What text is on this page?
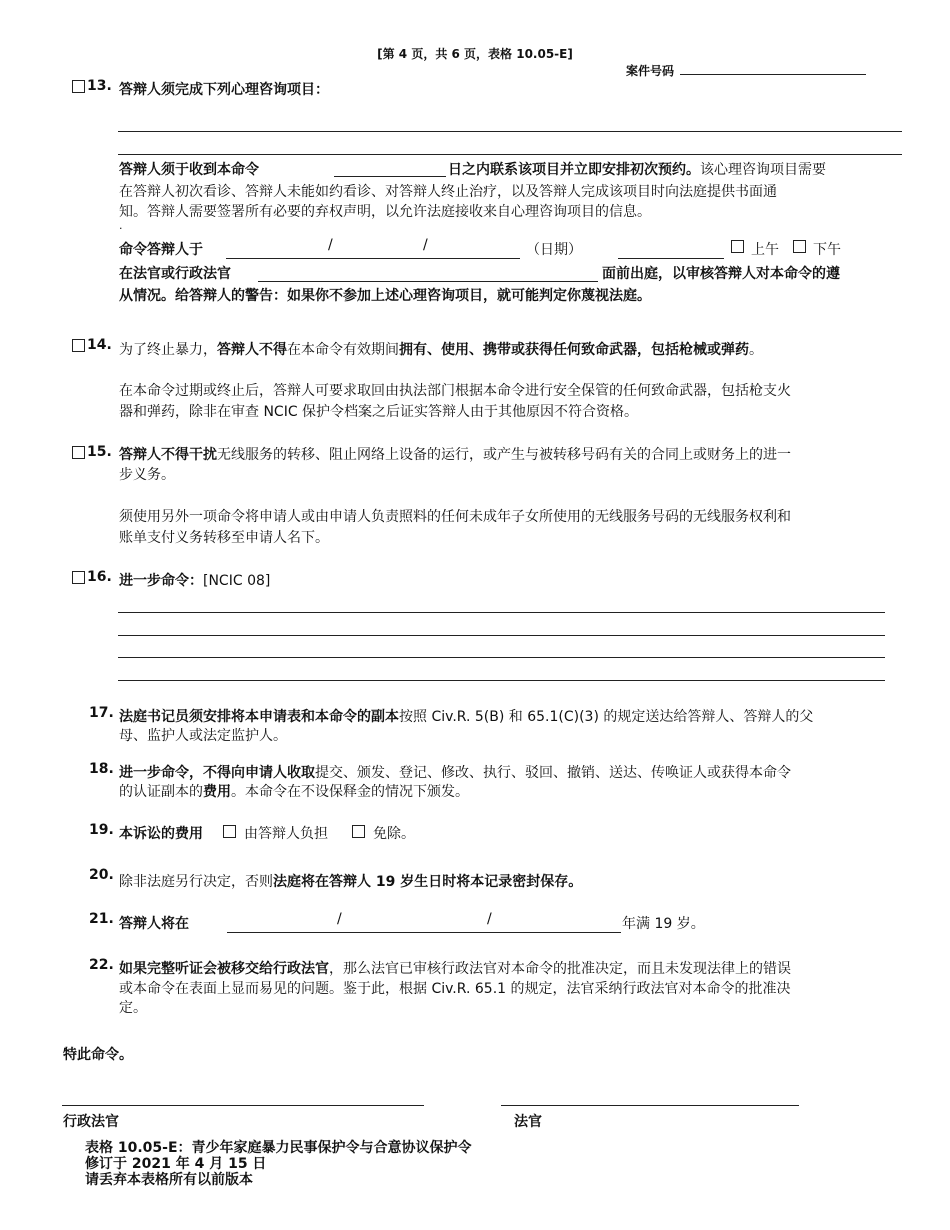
[第 4 页，共 6 页，表格 10.05-E]
案件号码
13. 答辩人须完成下列心理咨询项目：
答辩人须于收到本命令	日之内联系该项目并立即安排初次预约。该心理咨询项目需要
在答辩人初次看诊、答辩人未能如约看诊、对答辩人终止治疗，以及答辩人完成该项目时向法庭提供书面通
知。答辩人需要签署所有必要的弃权声明，以允许法庭接收来自心理咨询项目的信息。
.
命令答辩人于	/	/	（日期）	上午 下午
在法官或行政法官	面前出庭，以审核答辩人对本命令的遵
从情况。给答辩人的警告：如果你不参加上述心理咨询项目，就可能判定你蔑视法庭。
14. 为了终止暴力，答辩人不得在本命令有效期间拥有、使用、携带或获得任何致命武器，包括枪械或弹药。
在本命令过期或终止后，答辩人可要求取回由执法部门根据本命令进行安全保管的任何致命武器，包括枪支火
器和弹药，除非在审查 NCIC 保护令档案之后证实答辩人由于其他原因不符合资格。
15. 答辩人不得干扰无线服务的转移、阻止网络上设备的运行，或产生与被转移号码有关的合同上或财务上的进一
步义务。
须使用另外一项命令将申请人或由申请人负责照料的任何未成年子女所使用的无线服务号码的无线服务权利和
账单支付义务转移至申请人名下。
16. 进一步命令：[NCIC 08]
17. 法庭书记员须安排将本申请表和本命令的副本按照 Civ.R. 5(B) 和 65.1(C)(3) 的规定送达给答辩人、答辩人的父
母、监护人或法定监护人。
18. 进一步命令，不得向申请人收取提交、颁发、登记、修改、执行、驳回、撤销、送达、传唤证人或获得本命令
的认证副本的费用。本命令在不设保释金的情况下颁发。
19. 本诉讼的费用	由答辩人负担	免除。
20. 除非法庭另行决定，否则法庭将在答辩人 19 岁生日时将本记录密封保存。
21. 答辩人将在	/	/	年满 19 岁。
22. 如果完整听证会被移交给行政法官，那么法官已审核行政法官对本命令的批准决定，而且未发现法律上的错误
或本命令在表面上显而易见的问题。鉴于此，根据 Civ.R. 65.1 的规定，法官采纳行政法官对本命令的批准决
定。
特此命令。
行政法官	法官
表格 10.05-E：青少年家庭暴力民事保护令与合意协议保护令
修订于 2021 年 4 月 15 日
请丢弃本表格所有以前版本
